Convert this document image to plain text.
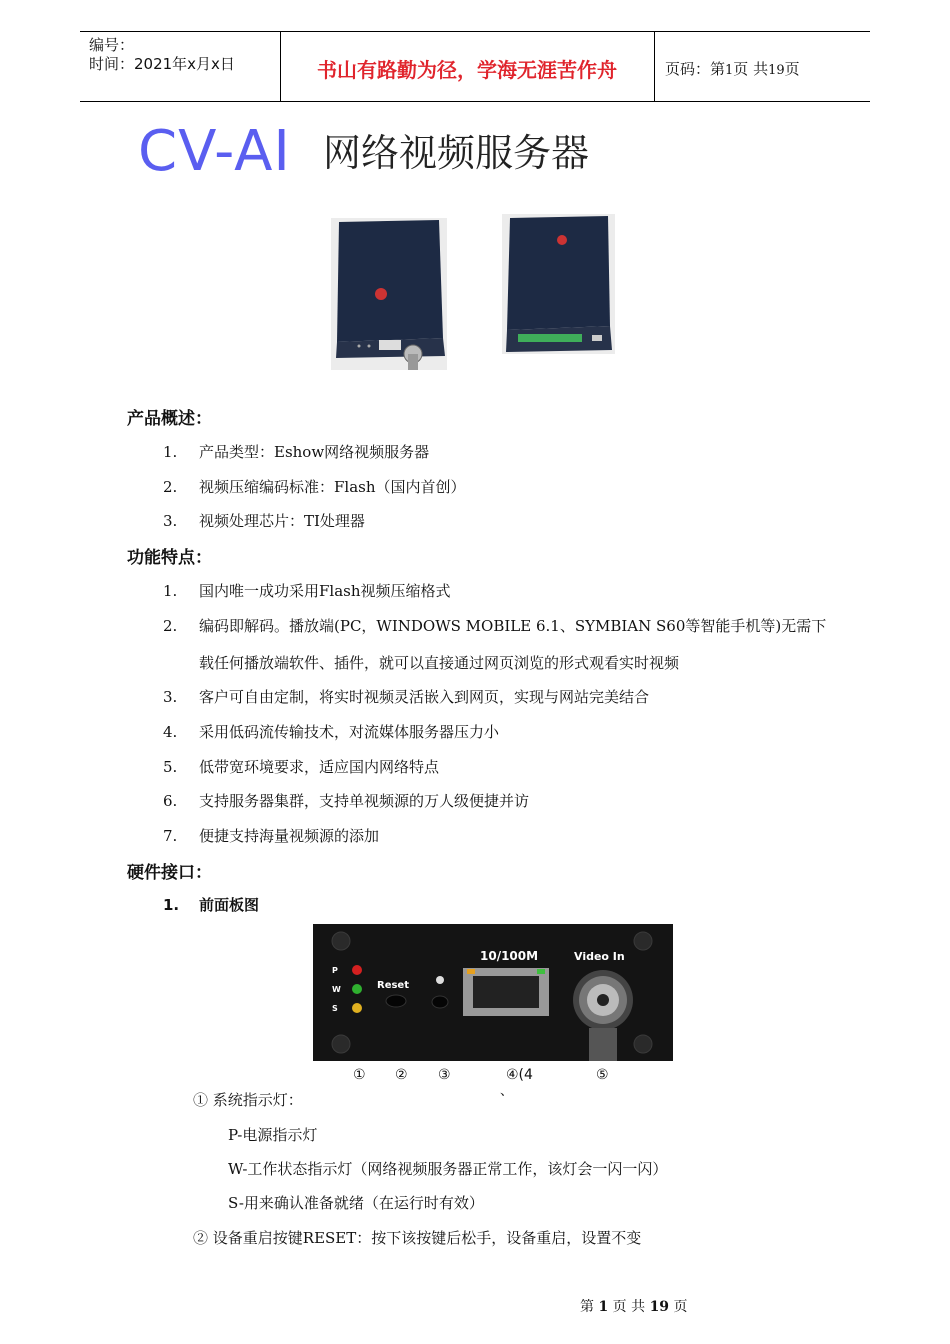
编号：
时间：2021年x月x日	书山有路勤为径，学海无涯苦作舟	页码：第1页 共19页
CV-AI 网络视频服务器
产品概述：
1. 产品类型：Eshow网络视频服务器
2. 视频压缩编码标准：Flash（国内首创）
3. 视频处理芯片：TI处理器
功能特点：
1. 国内唯一成功采用Flash视频压缩格式
2. 编码即解码。播放端(PC，WINDOWS MOBILE 6.1、SYMBIAN S60等智能手机等)无需下
载任何播放端软件、插件，就可以直接通过网页浏览的形式观看实时视频
3. 客户可自由定制，将实时视频灵活嵌入到网页，实现与网站完美结合
4. 采用低码流传输技术，对流媒体服务器压力小
5. 低带宽环境要求，适应国内网络特点
6. 支持服务器集群，支持单视频源的万人级便捷并访
7. 便捷支持海量视频源的添加
硬件接口：
1. 前面板图
P
W
S
Reset
10/100M	Video In
① ② ③	④(4	⑤
、
① 系统指示灯：
P-电源指示灯
W-工作状态指示灯（网络视频服务器正常工作，该灯会一闪一闪）
S-用来确认准备就绪（在运行时有效）
② 设备重启按键RESET：按下该按键后松手，设备重启，设置不变
第 1 页 共 19 页
